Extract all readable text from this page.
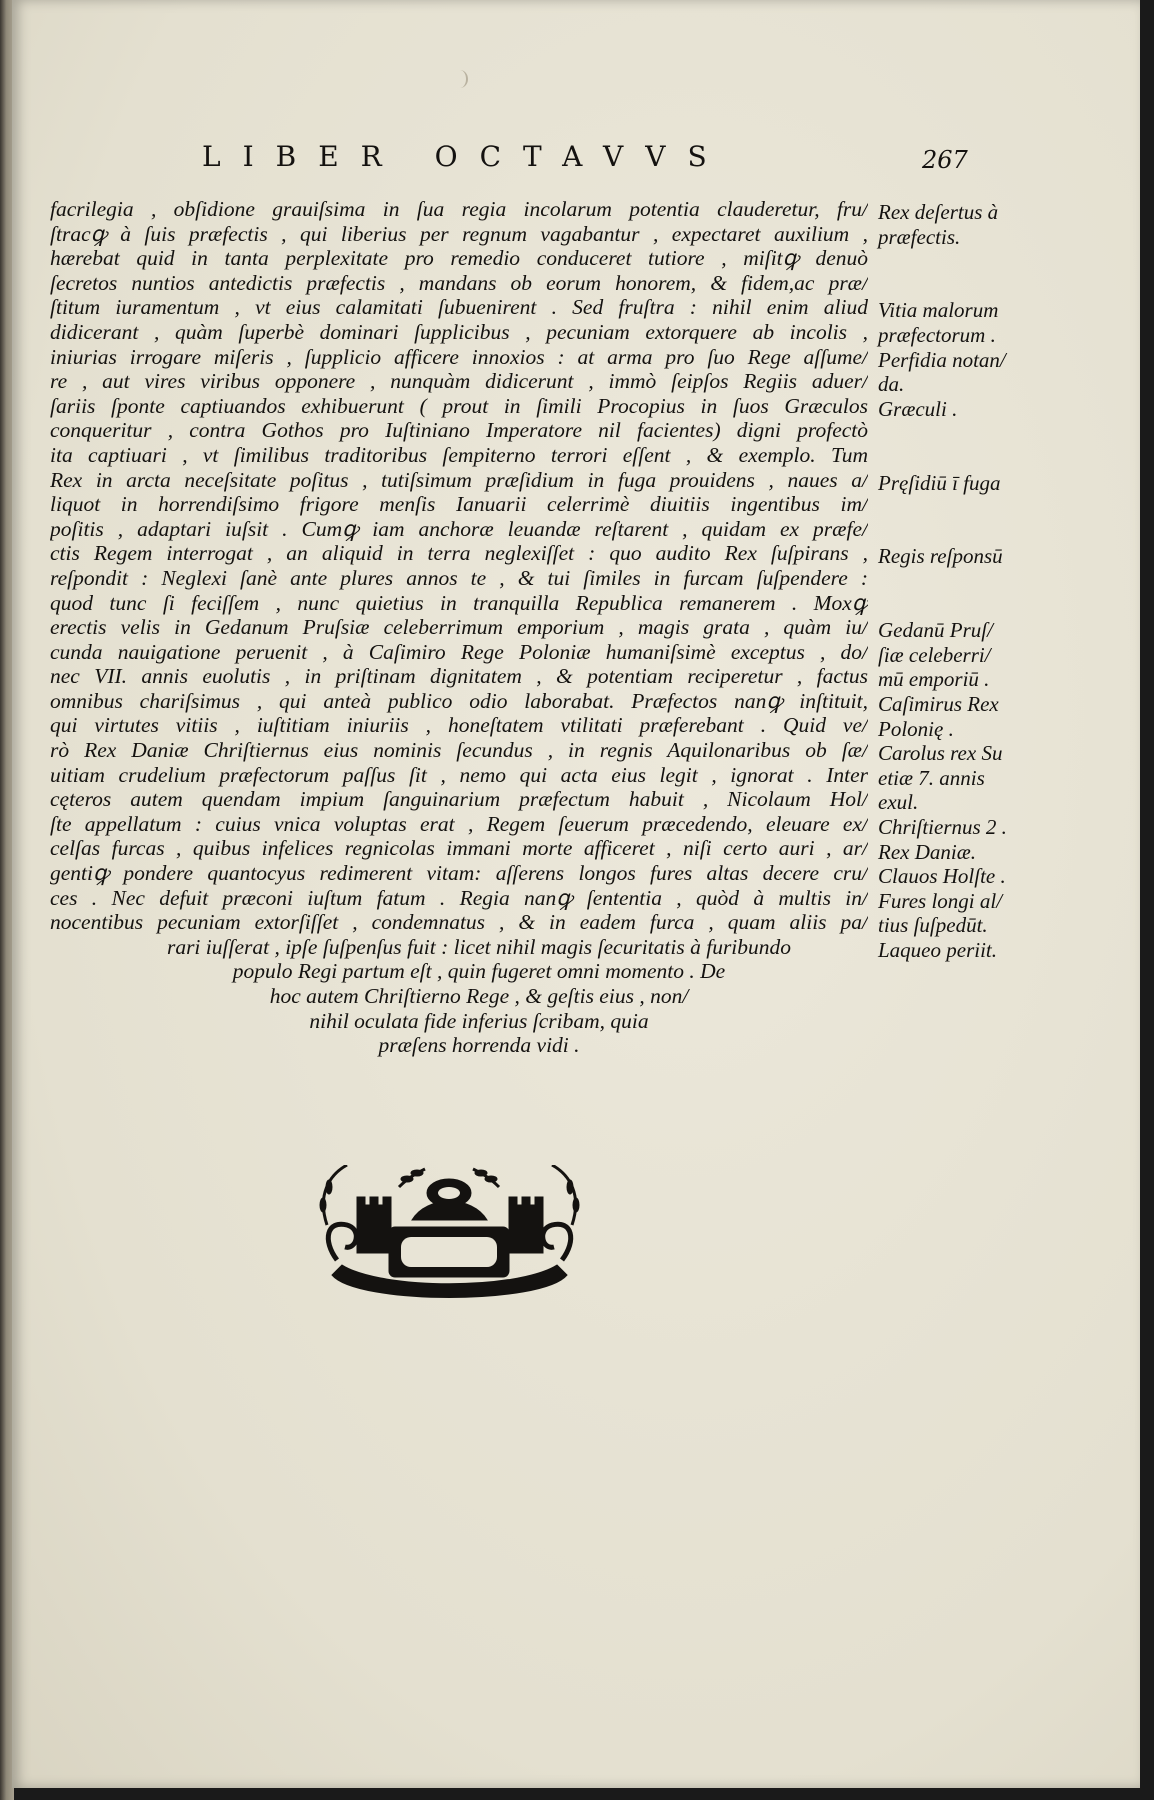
LIBER OCTAVVS	267
facrilegia , obſidione grauiſsima in ſua regia incolarum potentia clauderetur, fru/
ſtracꝙ à ſuis præfectis , qui liberius per regnum vagabantur , expectaret auxilium ,
hærebat quid in tanta perplexitate pro remedio conduceret tutiore , miſitꝙ denuò
ſecretos nuntios antedictis præfectis , mandans ob eorum honorem, & fidem,ac præ/
ſtitum iuramentum , vt eius calamitati ſubuenirent . Sed fruſtra : nihil enim aliud
didicerant , quàm ſuperbè dominari ſupplicibus , pecuniam extorquere ab incolis ,
iniurias irrogare miſeris , ſupplicio afficere innoxios : at arma pro ſuo Rege aſſume/
re , aut vires viribus opponere , nunquàm didicerunt , immò ſeipſos Regiis aduer/
ſariis ſponte captiuandos exhibuerunt ( prout in ſimili Procopius in ſuos Græculos
conqueritur , contra Gothos pro Iuſtiniano Imperatore nil facientes) digni profectò
ita captiuari , vt ſimilibus traditoribus ſempiterno terrori eſſent , & exemplo. Tum
Rex in arcta neceſsitate poſitus , tutiſsimum præſidium in fuga prouidens , naues a/
liquot in horrendiſsimo frigore menſis Ianuarii celerrimè diuitiis ingentibus im/
poſitis , adaptari iuſsit . Cumꝙ iam anchoræ leuandæ reſtarent , quidam ex præfe/
ctis Regem interrogat , an aliquid in terra neglexiſſet : quo audito Rex ſuſpirans ,
reſpondit : Neglexi ſanè ante plures annos te , & tui ſimiles in furcam ſuſpendere :
quod tunc ſi feciſſem , nunc quietius in tranquilla Republica remanerem . Moxꝙ
erectis velis in Gedanum Pruſsiæ celeberrimum emporium , magis grata , quàm iu/
cunda nauigatione peruenit , à Caſimiro Rege Poloniæ humaniſsimè exceptus , do/
nec VII. annis euolutis , in priſtinam dignitatem , & potentiam reciperetur , factus
omnibus chariſsimus , qui anteà publico odio laborabat. Præfectos nanꝙ inſtituit,
qui virtutes vitiis , iuſtitiam iniuriis , honeſtatem vtilitati præferebant . Quid ve/
rò Rex Daniæ Chriſtiernus eius nominis ſecundus , in regnis Aquilonaribus ob ſæ/
uitiam crudelium præfectorum paſſus ſit , nemo qui acta eius legit , ignorat . Inter
cęteros autem quendam impium ſanguinarium præfectum habuit , Nicolaum Hol/
ſte appellatum : cuius vnica voluptas erat , Regem ſeuerum præcedendo, eleuare ex/
celſas furcas , quibus infelices regnicolas immani morte afficeret , niſi certo auri , ar/
gentiꝙ pondere quantocyus redimerent vitam: aſſerens longos fures altas decere cru/
ces . Nec defuit præconi iuſtum fatum . Regia nanꝙ ſententia , quòd à multis in/
nocentibus pecuniam extorſiſſet , condemnatus , & in eadem furca , quam aliis pa/
rari iuſſerat , ipſe ſuſpenſus fuit : licet nihil magis ſecuritatis à furibundo
populo Regi partum eſt , quin fugeret omni momento . De
hoc autem Chriſtierno Rege , & geſtis eius , non/
nihil oculata fide inferius ſcribam, quia
præſens horrenda vidi .
Rex deſertus à
præfectis.
Vitia malorum
præfectorum .
Perfidia notan/
da.
Græculi .
Pręſidiū ī fuga
Regis reſponsū
Gedanū Pruſ/
ſiæ celeberri/
mū emporiū .
Caſimirus Rex
Polonię .
Carolus rex Su
etiæ 7. annis
exul.
Chriſtiernus 2 .
Rex Daniæ.
Clauos Holſte .
Fures longi al/
tius ſuſpedūt.
Laqueo periit.
